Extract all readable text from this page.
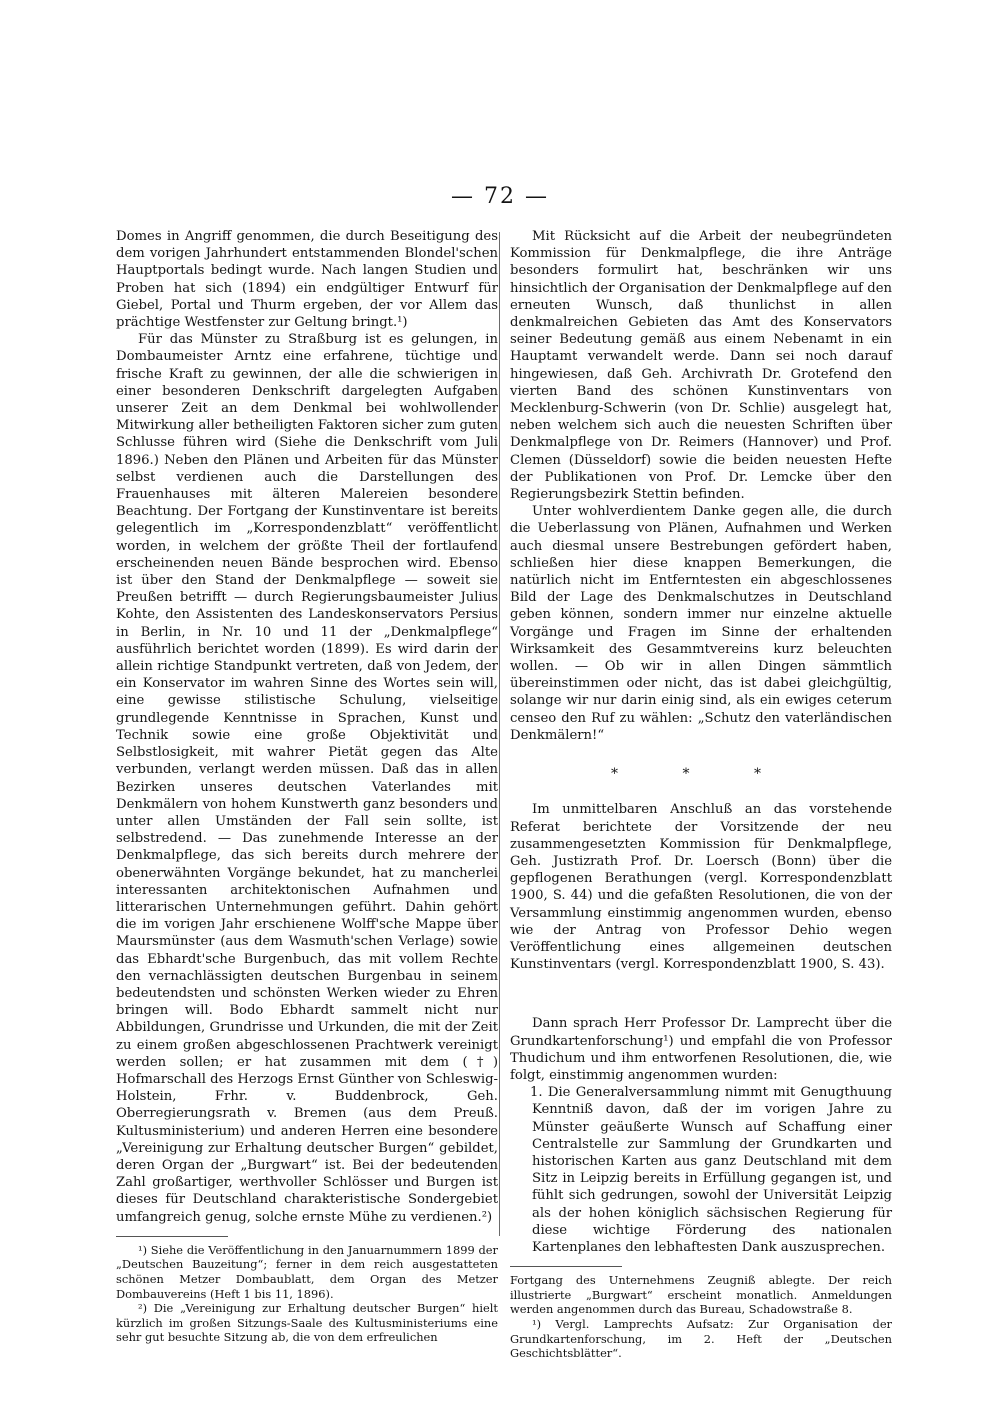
— 72 —

Domes in Angriff genommen, die durch Beseitigung des dem vorigen Jahrhundert entstammenden Blondel'schen Hauptportals bedingt wurde. Nach langen Studien und Proben hat sich (1894) ein endgültiger Entwurf für Giebel, Portal und Thurm ergeben, der vor Allem das prächtige Westfenster zur Geltung bringt.¹)

Für das Münster zu Straßburg ist es gelungen, in Dombaumeister Arntz eine erfahrene, tüchtige und frische Kraft zu gewinnen, der alle die schwierigen in einer besonderen Denkschrift dargelegten Aufgaben unserer Zeit an dem Denkmal bei wohlwollender Mitwirkung aller betheiligten Faktoren sicher zum guten Schlusse führen wird (Siehe die Denkschrift vom Juli 1896.) Neben den Plänen und Arbeiten für das Münster selbst verdienen auch die Darstellungen des Frauenhauses mit älteren Malereien besondere Beachtung. Der Fortgang der Kunstinventare ist bereits gelegentlich im „Korrespondenzblatt“ veröffentlicht worden, in welchem der größte Theil der fortlaufend erscheinenden neuen Bände besprochen wird. Ebenso ist über den Stand der Denkmalpflege — soweit sie Preußen betrifft — durch Regierungsbaumeister Julius Kohte, den Assistenten des Landeskonservators Persius in Berlin, in Nr. 10 und 11 der „Denkmalpflege“ ausführlich berichtet worden (1899). Es wird darin der allein richtige Standpunkt vertreten, daß von Jedem, der ein Konservator im wahren Sinne des Wortes sein will, eine gewisse stilistische Schulung, vielseitige grundlegende Kenntnisse in Sprachen, Kunst und Technik sowie eine große Objektivität und Selbstlosigkeit, mit wahrer Pietät gegen das Alte verbunden, verlangt werden müssen. Daß das in allen Bezirken unseres deutschen Vaterlandes mit Denkmälern von hohem Kunstwerth ganz besonders und unter allen Umständen der Fall sein sollte, ist selbstredend. — Das zunehmende Interesse an der Denkmalpflege, das sich bereits durch mehrere der obenerwähnten Vorgänge bekundet, hat zu mancherlei interessanten architektonischen Aufnahmen und litterarischen Unternehmungen geführt. Dahin gehört die im vorigen Jahr erschienene Wolff'sche Mappe über Maursmünster (aus dem Wasmuth'schen Verlage) sowie das Ebhardt'sche Burgenbuch, das mit vollem Rechte den vernachlässigten deutschen Burgenbau in seinem bedeutendsten und schönsten Werken wieder zu Ehren bringen will. Bodo Ebhardt sammelt nicht nur Abbildungen, Grundrisse und Urkunden, die mit der Zeit zu einem großen abgeschlossenen Prachtwerk vereinigt werden sollen; er hat zusammen mit dem (†) Hofmarschall des Herzogs Ernst Günther von Schleswig-Holstein, Frhr. v. Buddenbrock, Geh. Oberregierungsrath v. Bremen (aus dem Preuß. Kultusministerium) und anderen Herren eine besondere „Vereinigung zur Erhaltung deutscher Burgen“ gebildet, deren Organ der „Burgwart“ ist. Bei der bedeutenden Zahl großartiger, werthvoller Schlösser und Burgen ist dieses für Deutschland charakteristische Sondergebiet umfangreich genug, solche ernste Mühe zu verdienen.²)

¹) Siehe die Veröffentlichung in den Januarnummern 1899 der „Deutschen Bauzeitung“; ferner in dem reich ausgestatteten schönen Metzer Dombaublatt, dem Organ des Metzer Dombauvereins (Heft 1 bis 11, 1896).

²) Die „Vereinigung zur Erhaltung deutscher Burgen“ hielt kürzlich im großen Sitzungs-Saale des Kultusministeriums eine sehr gut besuchte Sitzung ab, die von dem erfreulichen

Mit Rücksicht auf die Arbeit der neubegründeten Kommission für Denkmalpflege, die ihre Anträge besonders formulirt hat, beschränken wir uns hinsichtlich der Organisation der Denkmalpflege auf den erneuten Wunsch, daß thunlichst in allen denkmalreichen Gebieten das Amt des Konservators seiner Bedeutung gemäß aus einem Nebenamt in ein Hauptamt verwandelt werde. Dann sei noch darauf hingewiesen, daß Geh. Archivrath Dr. Grotefend den vierten Band des schönen Kunstinventars von Mecklenburg-Schwerin (von Dr. Schlie) ausgelegt hat, neben welchem sich auch die neuesten Schriften über Denkmalpflege von Dr. Reimers (Hannover) und Prof. Clemen (Düsseldorf) sowie die beiden neuesten Hefte der Publikationen von Prof. Dr. Lemcke über den Regierungsbezirk Stettin befinden.

Unter wohlverdientem Danke gegen alle, die durch die Ueberlassung von Plänen, Aufnahmen und Werken auch diesmal unsere Bestrebungen gefördert haben, schließen hier diese knappen Bemerkungen, die natürlich nicht im Entferntesten ein abgeschlossenes Bild der Lage des Denkmalschutzes in Deutschland geben können, sondern immer nur einzelne aktuelle Vorgänge und Fragen im Sinne der erhaltenden Wirksamkeit des Gesammtvereins kurz beleuchten wollen. — Ob wir in allen Dingen sämmtlich übereinstimmen oder nicht, das ist dabei gleichgültig, solange wir nur darin einig sind, als ein ewiges ceterum censeo den Ruf zu wählen: „Schutz den vaterländischen Denkmälern!“

* * *

Im unmittelbaren Anschluß an das vorstehende Referat berichtete der Vorsitzende der neu zusammengesetzten Kommission für Denkmalpflege, Geh. Justizrath Prof. Dr. Loersch (Bonn) über die gepflogenen Berathungen (vergl. Korrespondenzblatt 1900, S. 44) und die gefaßten Resolutionen, die von der Versammlung einstimmig angenommen wurden, ebenso wie der Antrag von Professor Dehio wegen Veröffentlichung eines allgemeinen deutschen Kunstinventars (vergl. Korrespondenzblatt 1900, S. 43).

Dann sprach Herr Professor Dr. Lamprecht über die Grundkartenforschung¹) und empfahl die von Professor Thudichum und ihm entworfenen Resolutionen, die, wie folgt, einstimmig angenommen wurden:

1. Die Generalversammlung nimmt mit Genugthuung Kenntniß davon, daß der im vorigen Jahre zu Münster geäußerte Wunsch auf Schaffung einer Centralstelle zur Sammlung der Grundkarten und historischen Karten aus ganz Deutschland mit dem Sitz in Leipzig bereits in Erfüllung gegangen ist, und fühlt sich gedrungen, sowohl der Universität Leipzig als der hohen königlich sächsischen Regierung für diese wichtige Förderung des nationalen Kartenplanes den lebhaftesten Dank auszusprechen.

Fortgang des Unternehmens Zeugniß ablegte. Der reich illustrierte „Burgwart“ erscheint monatlich. Anmeldungen werden angenommen durch das Bureau, Schadowstraße 8.

¹) Vergl. Lamprechts Aufsatz: Zur Organisation der Grundkartenforschung, im 2. Heft der „Deutschen Geschichtsblätter“.
